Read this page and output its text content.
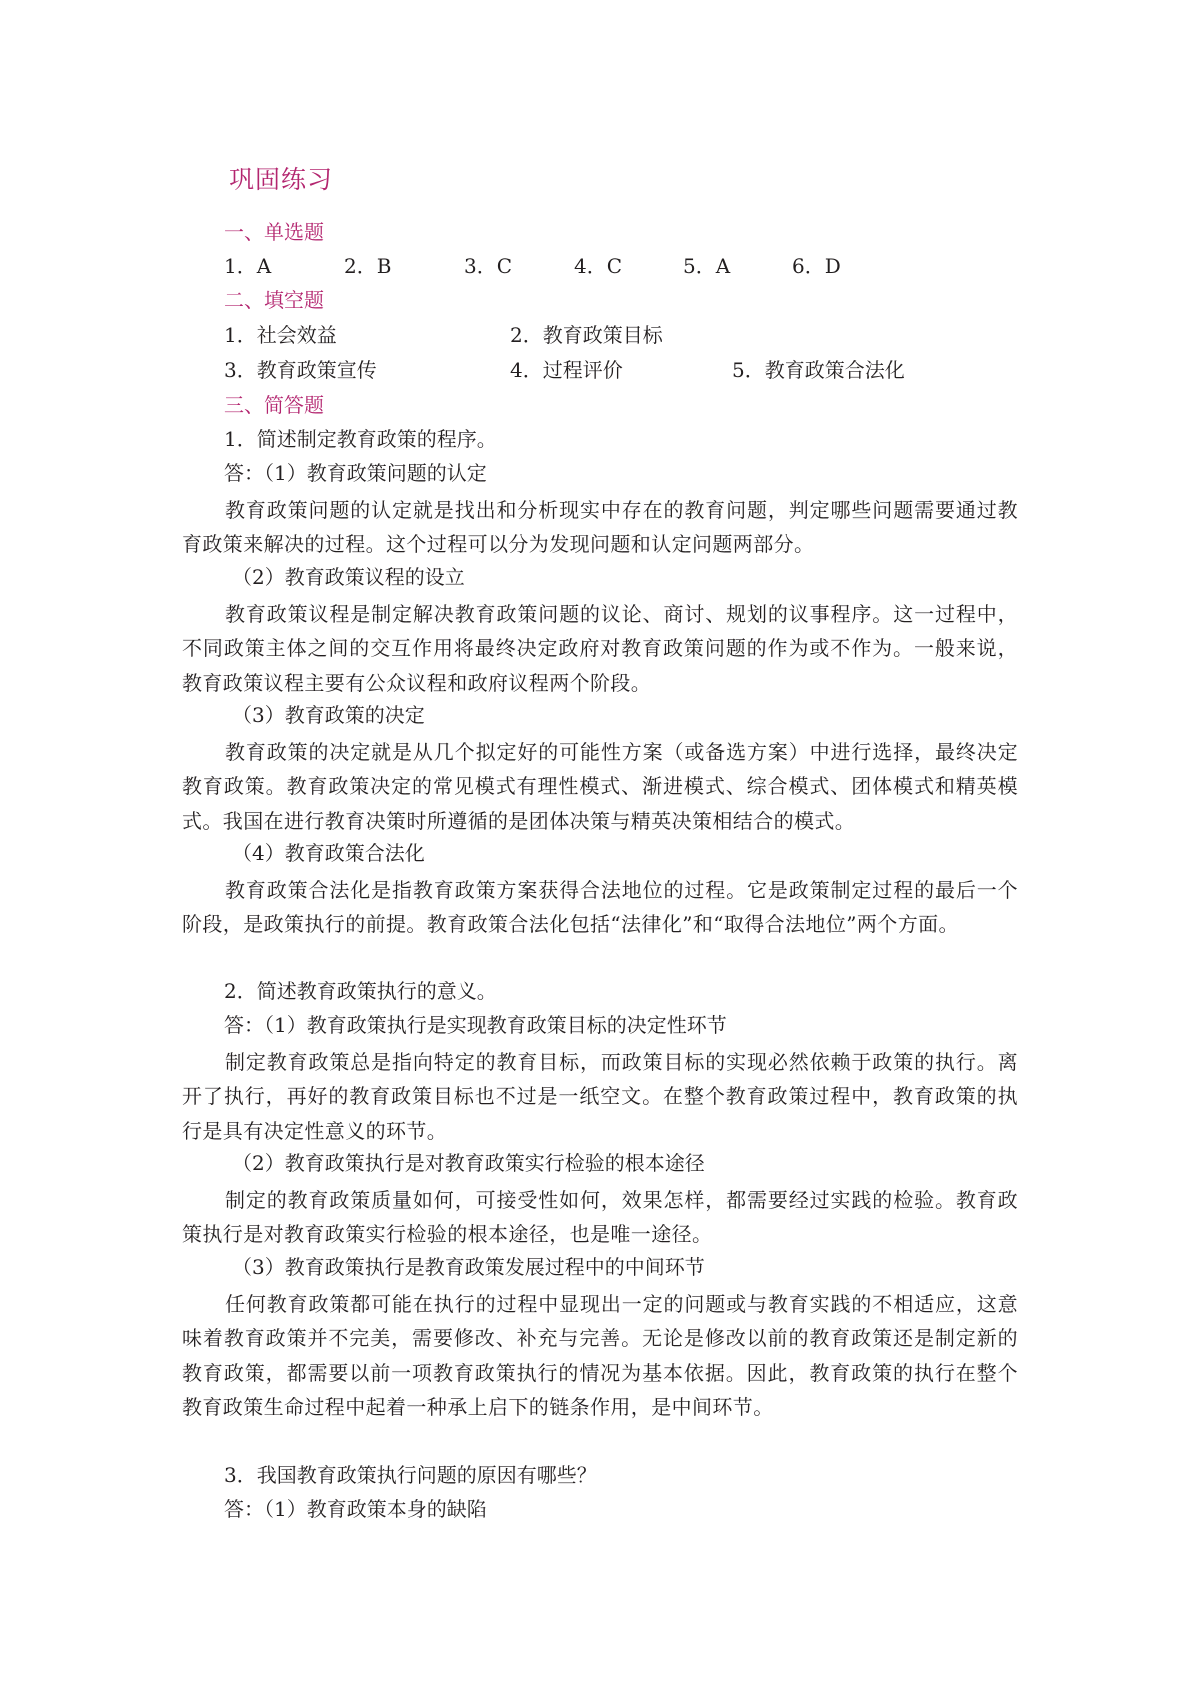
巩固练习
一、单选题
1．A	2．B	3．C	4．C	5．A	6．D
二、填空题
1．社会效益	2．教育政策目标
3．教育政策宣传	4．过程评价	5．教育政策合法化
三、简答题
1．简述制定教育政策的程序。
答：（1）教育政策问题的认定
教育政策问题的认定就是找出和分析现实中存在的教育问题，判定哪些问题需要通过教育政策来解决的过程。这个过程可以分为发现问题和认定问题两部分。
（2）教育政策议程的设立
教育政策议程是制定解决教育政策问题的议论、商讨、规划的议事程序。这一过程中，不同政策主体之间的交互作用将最终决定政府对教育政策问题的作为或不作为。一般来说，教育政策议程主要有公众议程和政府议程两个阶段。
（3）教育政策的决定
教育政策的决定就是从几个拟定好的可能性方案（或备选方案）中进行选择，最终决定教育政策。教育政策决定的常见模式有理性模式、渐进模式、综合模式、团体模式和精英模式。我国在进行教育决策时所遵循的是团体决策与精英决策相结合的模式。
（4）教育政策合法化
教育政策合法化是指教育政策方案获得合法地位的过程。它是政策制定过程的最后一个阶段，是政策执行的前提。教育政策合法化包括“法律化”和“取得合法地位”两个方面。
2．简述教育政策执行的意义。
答：（1）教育政策执行是实现教育政策目标的决定性环节
制定教育政策总是指向特定的教育目标，而政策目标的实现必然依赖于政策的执行。离开了执行，再好的教育政策目标也不过是一纸空文。在整个教育政策过程中，教育政策的执行是具有决定性意义的环节。
（2）教育政策执行是对教育政策实行检验的根本途径
制定的教育政策质量如何，可接受性如何，效果怎样，都需要经过实践的检验。教育政策执行是对教育政策实行检验的根本途径，也是唯一途径。
（3）教育政策执行是教育政策发展过程中的中间环节
任何教育政策都可能在执行的过程中显现出一定的问题或与教育实践的不相适应，这意味着教育政策并不完美，需要修改、补充与完善。无论是修改以前的教育政策还是制定新的教育政策，都需要以前一项教育政策执行的情况为基本依据。因此，教育政策的执行在整个教育政策生命过程中起着一种承上启下的链条作用，是中间环节。
3．我国教育政策执行问题的原因有哪些？
答：（1）教育政策本身的缺陷
